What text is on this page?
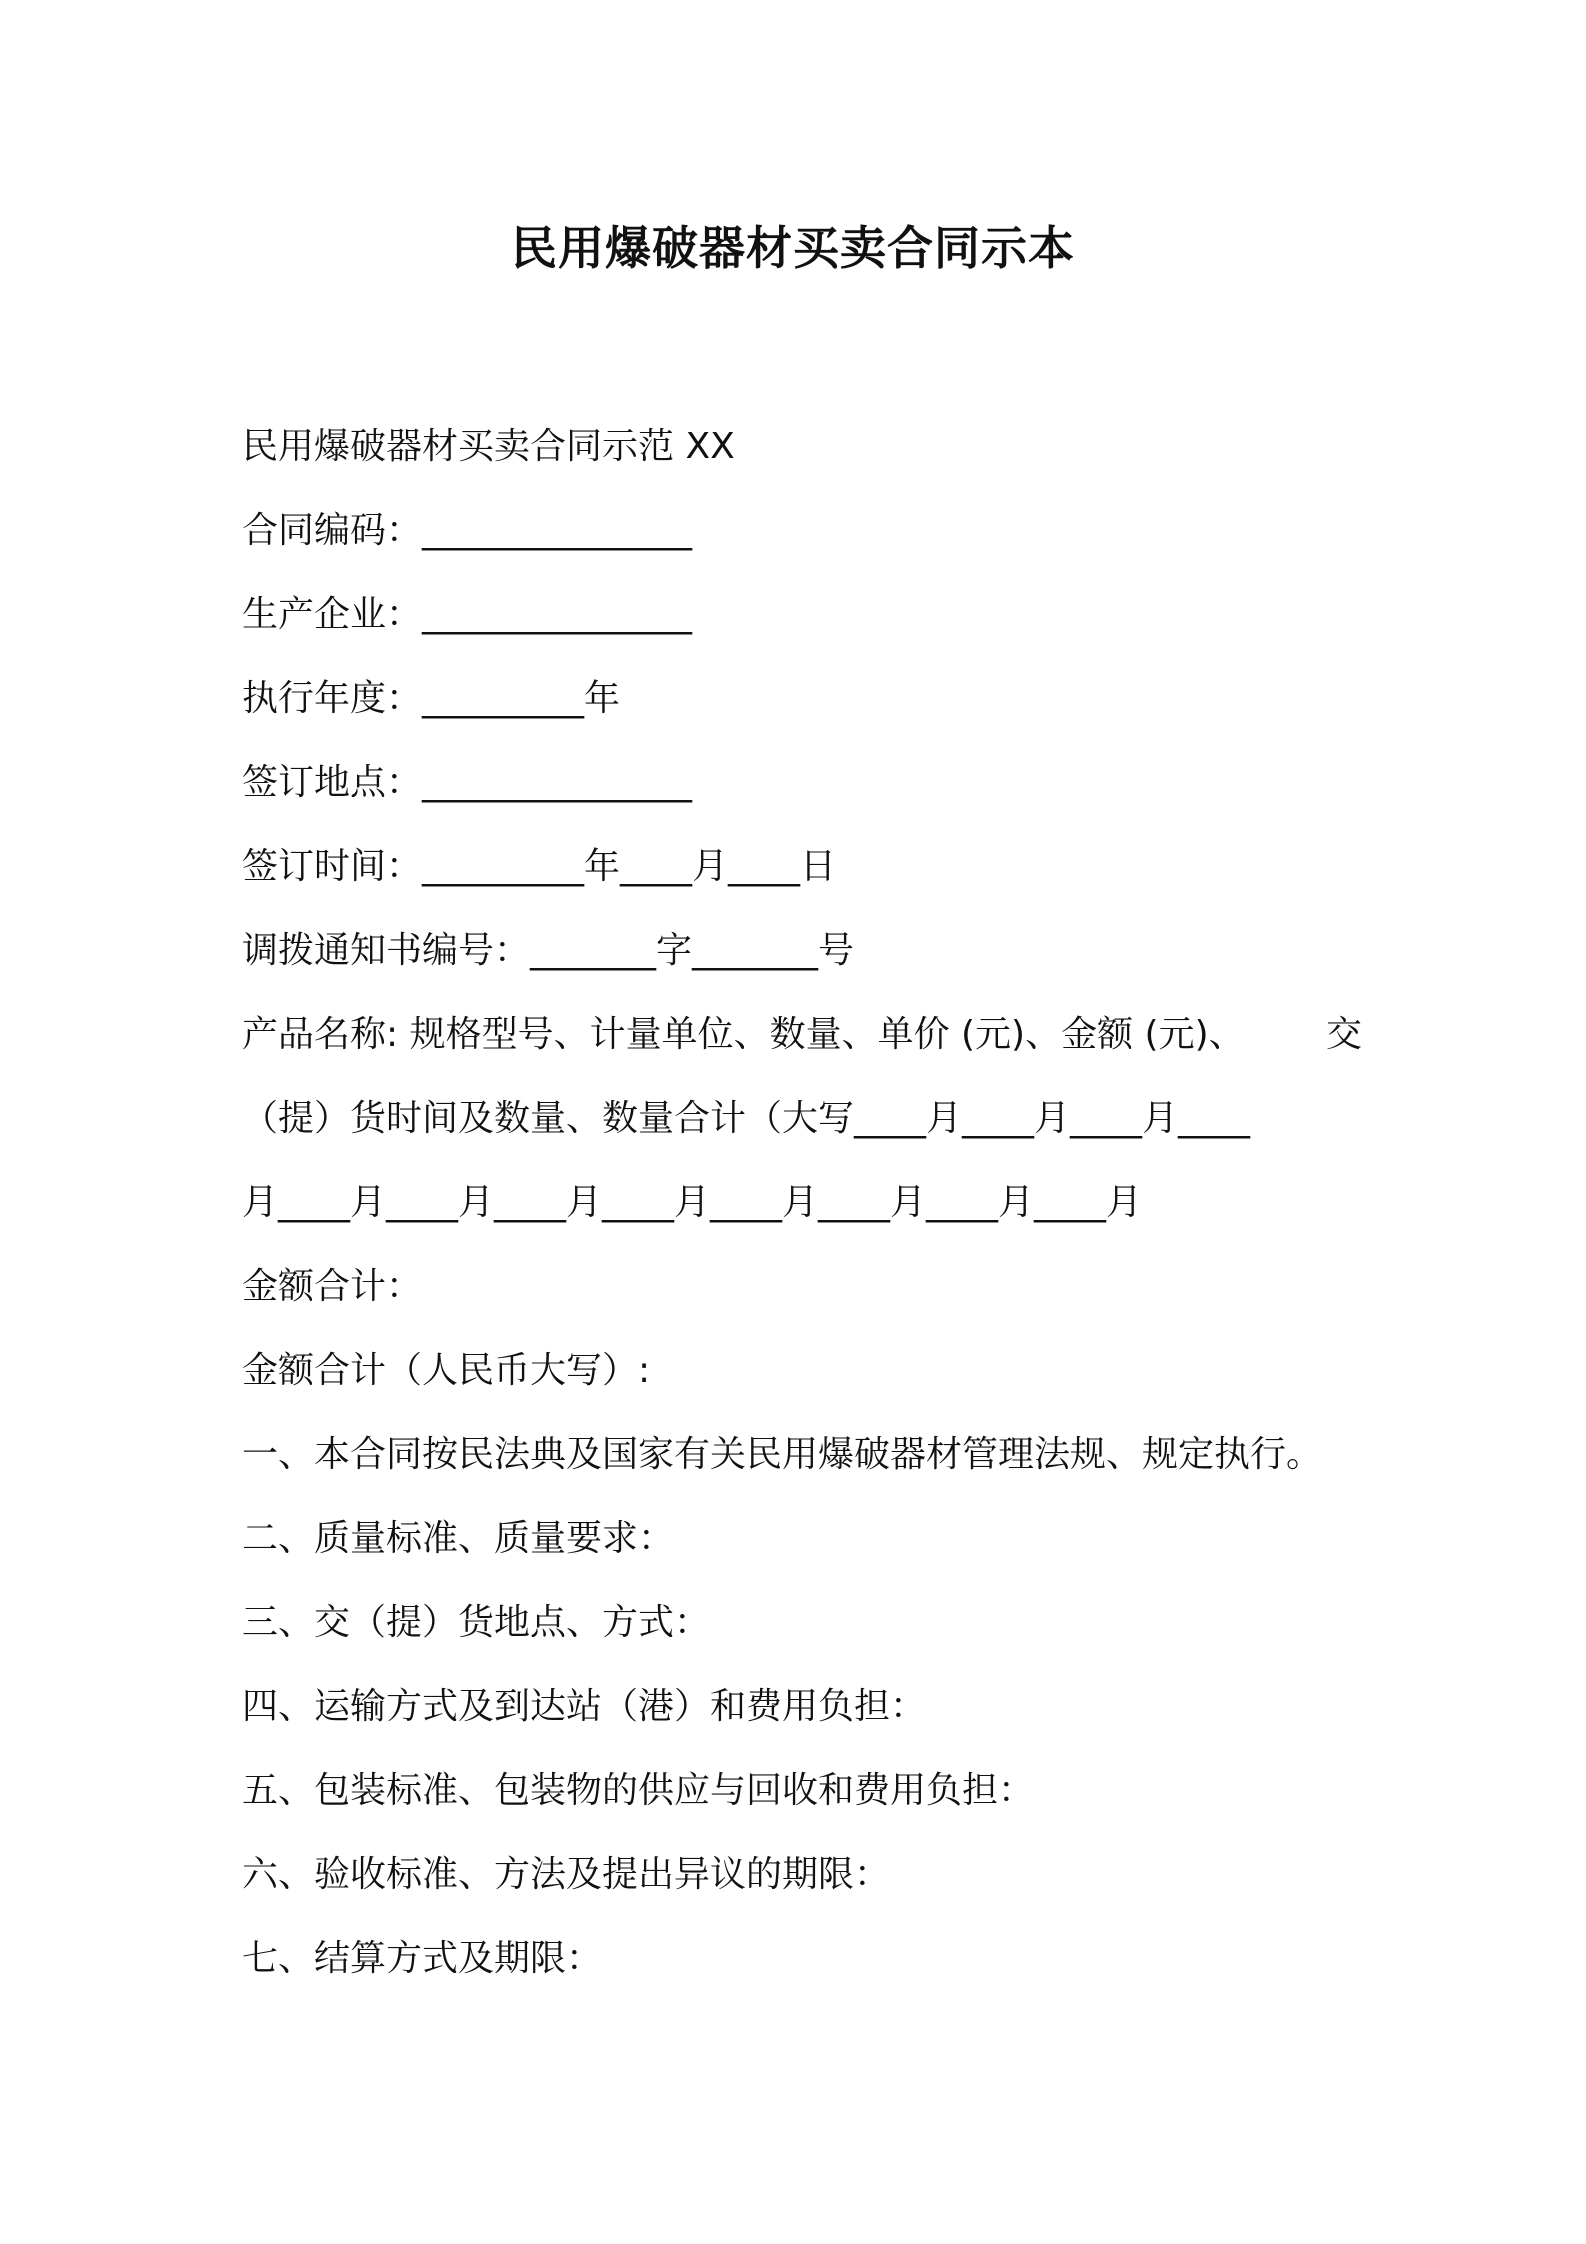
民用爆破器材买卖合同示本
民用爆破器材买卖合同示范 XX
合同编码：_______________
生产企业：_______________
执行年度：_________年
签订地点：_______________
签订时间：_________年____月____日
调拨通知书编号：_______字_______号
产品名称: 规格型号、计量单位、数量、单价 (元)、金额 (元)、 交
（提）货时间及数量、数量合计（大写____月____月____月____
月____月____月____月____月____月____月____月____月
金额合计：
金额合计（人民币大写）:
一、本合同按民法典及国家有关民用爆破器材管理法规、规定执行。
二、质量标准、质量要求：
三、交（提）货地点、方式：
四、运输方式及到达站（港）和费用负担：
五、包装标准、包装物的供应与回收和费用负担：
六、验收标准、方法及提出异议的期限：
七、结算方式及期限：
